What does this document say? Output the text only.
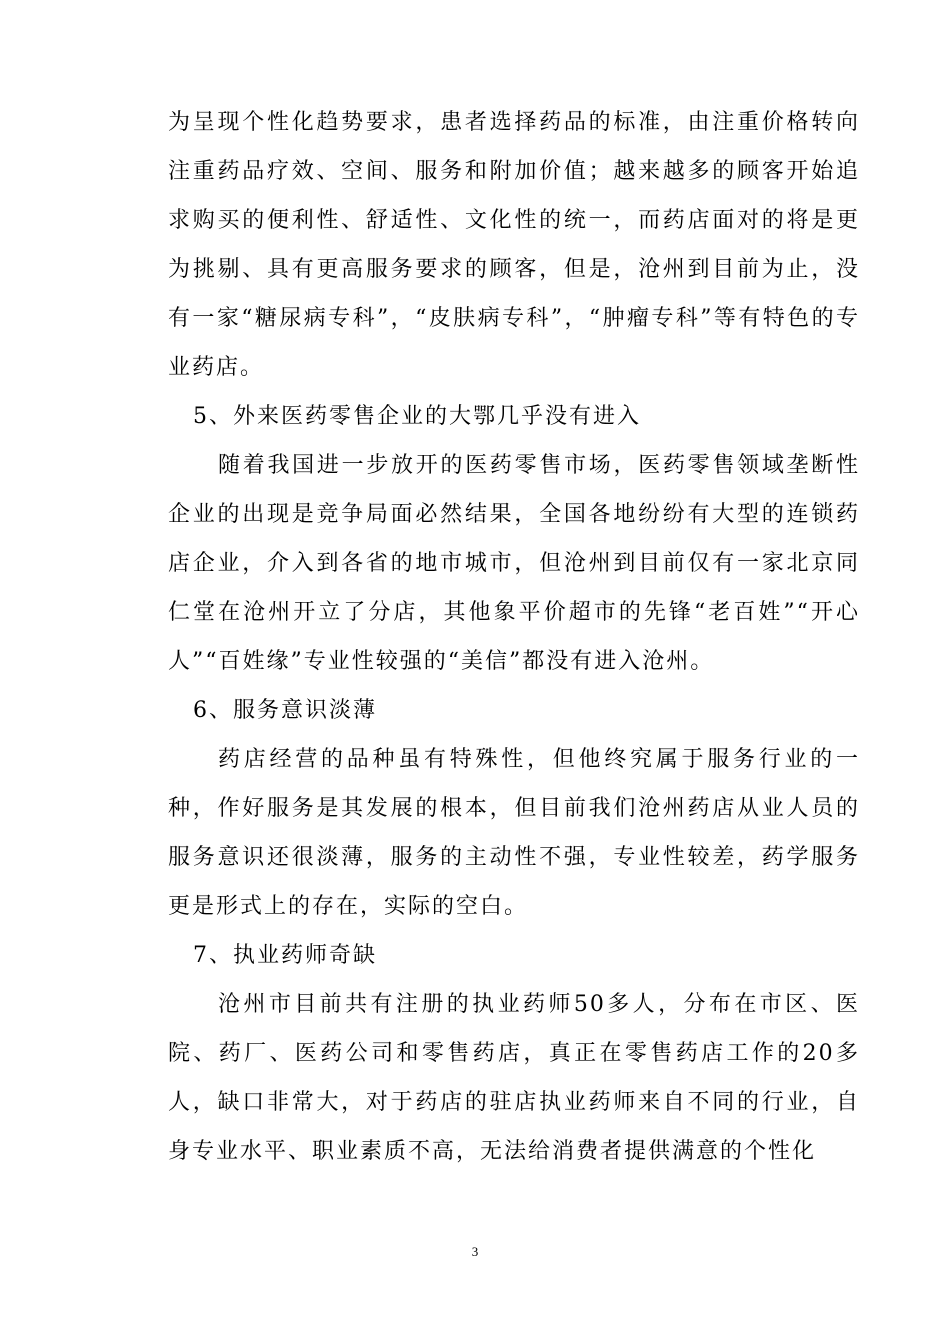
为呈现个性化趋势要求，患者选择药品的标准，由注重价格转向注重药品疗效、空间、服务和附加价值；越来越多的顾客开始追求购买的便利性、舒适性、文化性的统一，而药店面对的将是更为挑剔、具有更高服务要求的顾客，但是，沧州到目前为止，没有一家“糖尿病专科”，“皮肤病专科”，“肿瘤专科”等有特色的专业药店。

5、外来医药零售企业的大鄂几乎没有进入

随着我国进一步放开的医药零售市场，医药零售领域垄断性企业的出现是竞争局面必然结果，全国各地纷纷有大型的连锁药店企业，介入到各省的地市城市，但沧州到目前仅有一家北京同仁堂在沧州开立了分店，其他象平价超市的先锋“老百姓”“开心人”“百姓缘”专业性较强的“美信”都没有进入沧州。

6、服务意识淡薄

药店经营的品种虽有特殊性，但他终究属于服务行业的一种，作好服务是其发展的根本，但目前我们沧州药店从业人员的服务意识还很淡薄，服务的主动性不强，专业性较差，药学服务更是形式上的存在，实际的空白。

7、执业药师奇缺

沧州市目前共有注册的执业药师50多人，分布在市区、医院、药厂、医药公司和零售药店，真正在零售药店工作的20多人，缺口非常大，对于药店的驻店执业药师来自不同的行业，自身专业水平、职业素质不高，无法给消费者提供满意的个性化

3
